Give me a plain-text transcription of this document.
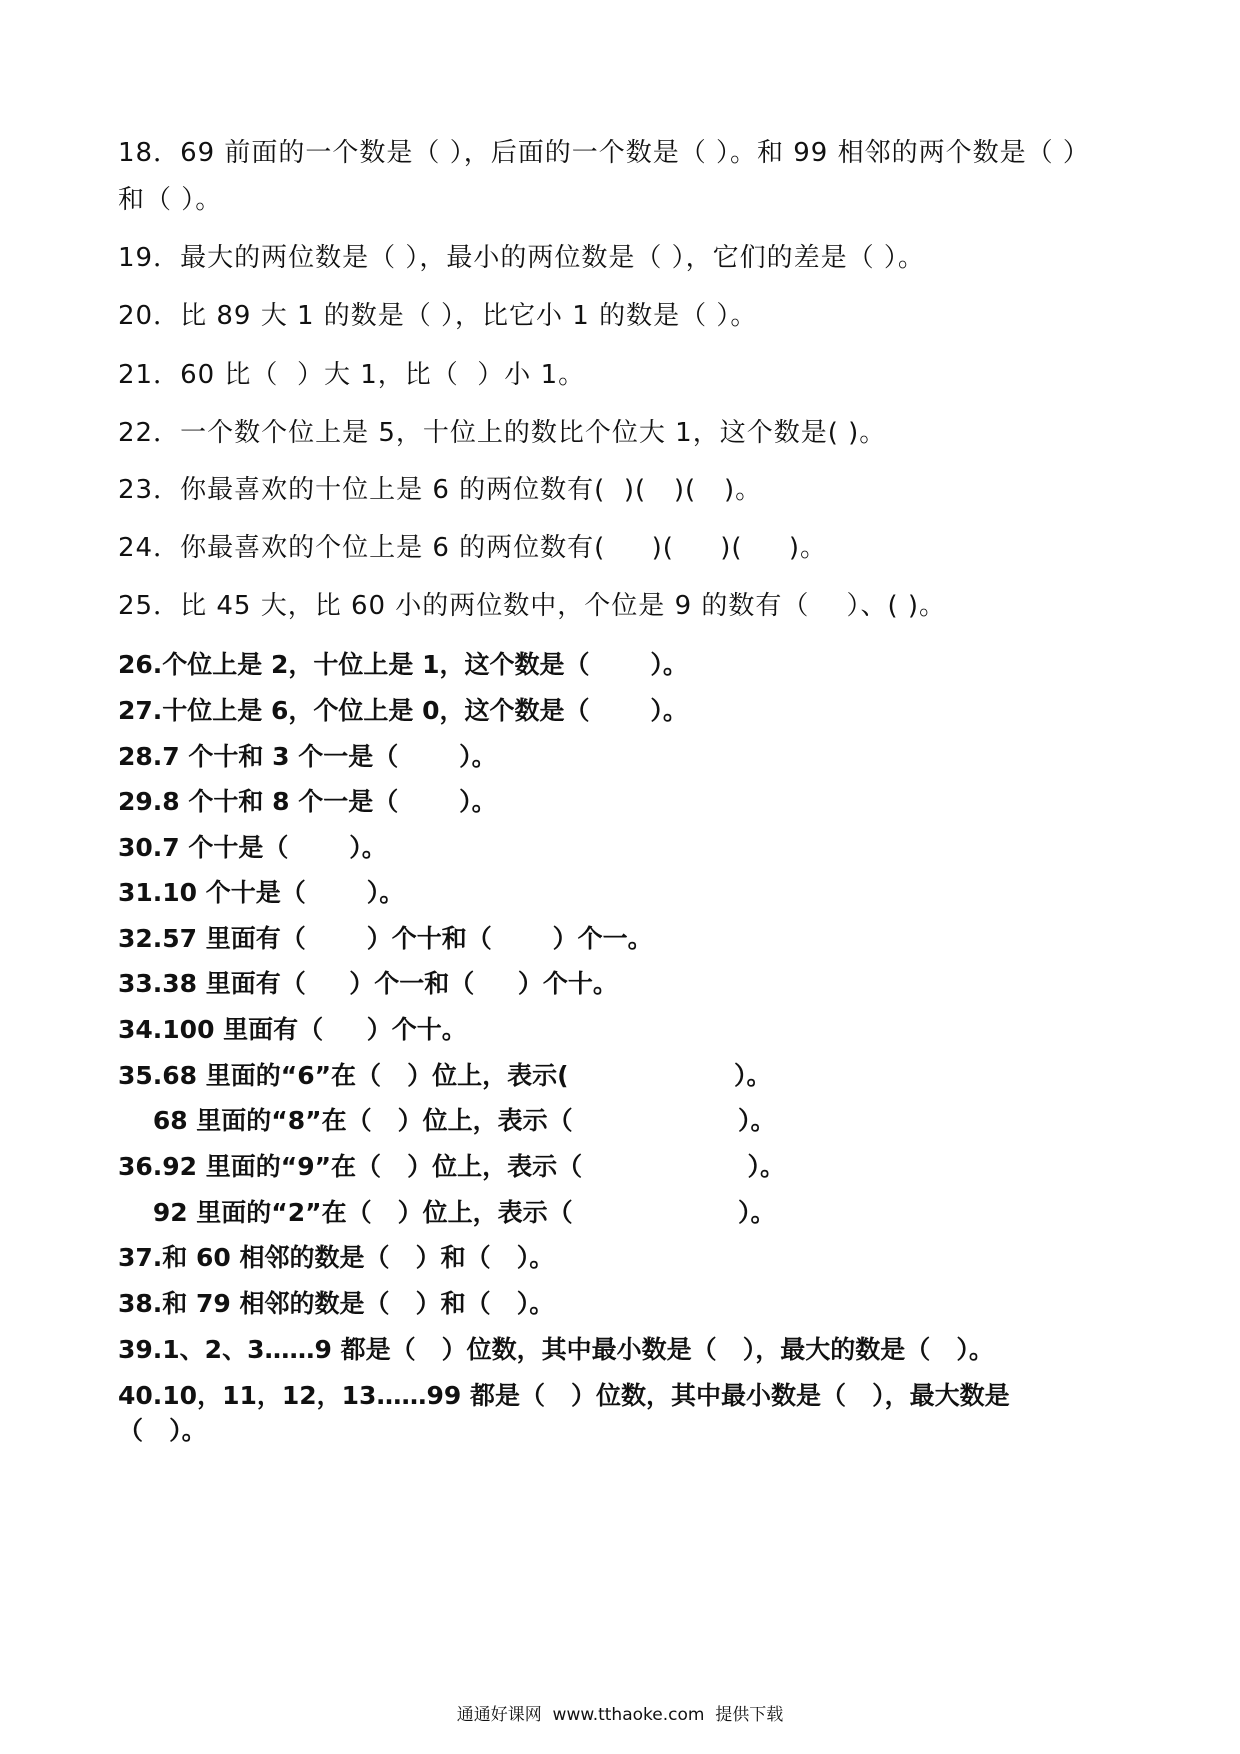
18．69 前面的一个数是（ ），后面的一个数是（ ）。和 99 相邻的两个数是（ ）
和（ ）。
19．最大的两位数是（ ），最小的两位数是（ ），它们的差是（ ）。
20．比 89 大 1 的数是（ ），比它小 1 的数是（ ）。
21．60 比（  ）大 1，比（  ）小 1。
22．一个数个位上是 5，十位上的数比个位大 1，这个数是( )。
23．你最喜欢的十位上是 6 的两位数有(  )(   )(   )。
24．你最喜欢的个位上是 6 的两位数有(     )(     )(     )。
25．比 45 大，比 60 小的两位数中，个位是 9 的数有（    ）、( )。
26.个位上是 2，十位上是 1，这个数是（       ）。
27.十位上是 6，个位上是 0，这个数是（       ）。
28.7 个十和 3 个一是（       ）。
29.8 个十和 8 个一是（       ）。
30.7 个十是（       ）。
31.10 个十是（       ）。
32.57 里面有（       ）个十和（       ）个一。
33.38 里面有（     ）个一和（     ）个十。
34.100 里面有（     ）个十。
35.68 里面的“6”在（   ）位上，表示(                   ）。
68 里面的“8”在（   ）位上，表示（                   ）。
36.92 里面的“9”在（   ）位上，表示（                   ）。
92 里面的“2”在（   ）位上，表示（                   ）。
37.和 60 相邻的数是（   ）和（   ）。
38.和 79 相邻的数是（   ）和（   ）。
39.1、2、3……9 都是（   ）位数，其中最小数是（   ），最大的数是（   ）。
40.10，11，12，13……99 都是（   ）位数，其中最小数是（   ），最大数是
（   ）。
通通好课网  www.tthaoke.com  提供下载
